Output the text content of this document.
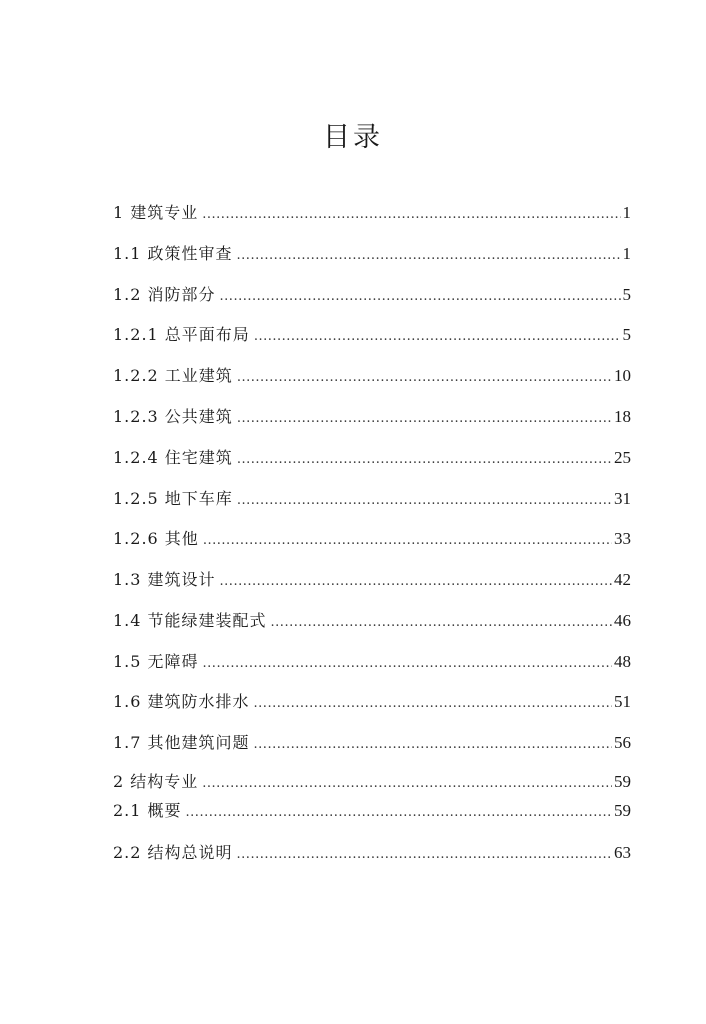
目录
1 建筑专业 .....	1
1.1 政策性审查 .....	1
1.2 消防部分 .....	5
1.2.1 总平面布局 .....	5
1.2.2 工业建筑 .....	10
1.2.3 公共建筑 .....	18
1.2.4 住宅建筑 .....	25
1.2.5 地下车库 .....	31
1.2.6 其他 .....	33
1.3 建筑设计 .....	42
1.4 节能绿建装配式 .....	46
1.5 无障碍 .....	48
1.6 建筑防水排水 .....	51
1.7 其他建筑问题 .....	56
2 结构专业 .....	59
2.1 概要 .....	59
2.2 结构总说明 .....	63
